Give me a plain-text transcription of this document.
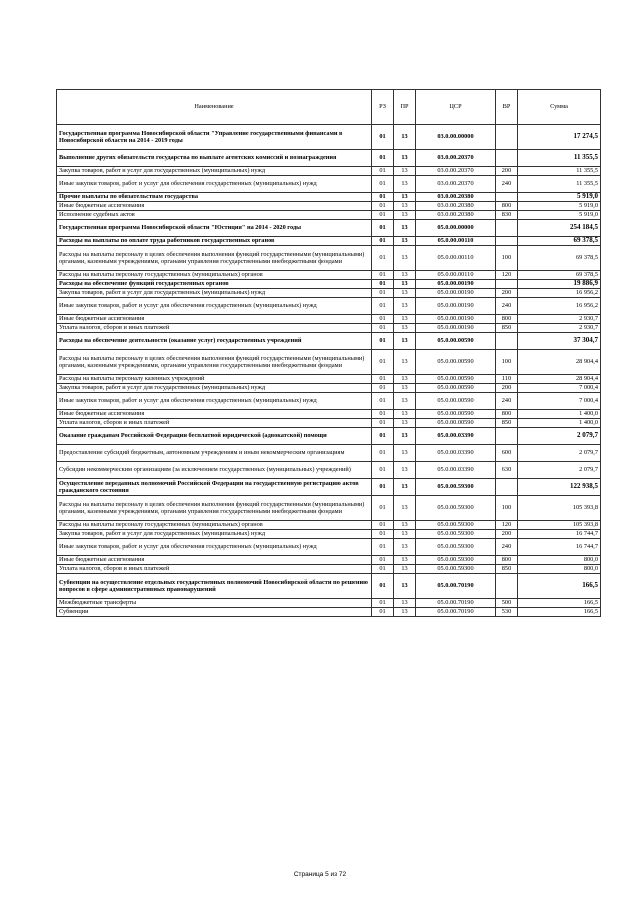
Наименование	РЗ	ПР	ЦСР	ВР	Сумма
Государственная программа Новосибирской области "Управление государственными финансами в Новосибирской области на 2014 - 2019 годы	01	13	03.0.00.00000		17 274,5
Выполнение других обязательств государства по выплате агентских комиссий и вознаграждения	01	13	03.0.00.20370		11 355,5
Закупка товаров, работ и услуг для государственных (муниципальных) нужд	01	13	03.0.00.20370	200	11 355,5
Иные закупки товаров, работ и услуг для обеспечения государственных (муниципальных) нужд	01	13	03.0.00.20370	240	11 355,5
Прочие выплаты по обязательствам государства	01	13	03.0.00.20380		5 919,0
Иные бюджетные ассигнования	01	13	03.0.00.20380	800	5 919,0
Исполнение судебных актов	01	13	03.0.00.20380	830	5 919,0
Государственная программа Новосибирской области "Юстиция" на 2014 - 2020 годы	01	13	05.0.00.00000		254 184,5
Расходы на выплаты по оплате труда работников государственных органов	01	13	05.0.00.00110		69 378,5
Расходы на выплаты персоналу в целях обеспечения выполнения функций государственными (муниципальными) органами, казенными учреждениями, органами управления государственными внебюджетными фондами	01	13	05.0.00.00110	100	69 378,5
Расходы на выплаты персоналу государственных (муниципальных) органов	01	13	05.0.00.00110	120	69 378,5
Расходы на обеспечение функций государственных органов	01	13	05.0.00.00190		19 886,9
Закупка товаров, работ и услуг для государственных (муниципальных) нужд	01	13	05.0.00.00190	200	16 956,2
Иные закупки товаров, работ и услуг для обеспечения государственных (муниципальных) нужд	01	13	05.0.00.00190	240	16 956,2
Иные бюджетные ассигнования	01	13	05.0.00.00190	800	2 930,7
Уплата налогов, сборов и иных платежей	01	13	05.0.00.00190	850	2 930,7
Расходы на обеспечение деятельности (оказание услуг) государственных учреждений	01	13	05.0.00.00590		37 304,7
Расходы на выплаты персоналу в целях обеспечения выполнения функций государственными (муниципальными) органами, казенными учреждениями, органами управления государственными внебюджетными фондами	01	13	05.0.00.00590	100	28 904,4
Расходы на выплаты персоналу казенных учреждений	01	13	05.0.00.00590	110	28 904,4
Закупка товаров, работ и услуг для государственных (муниципальных) нужд	01	13	05.0.00.00590	200	7 000,4
Иные закупки товаров, работ и услуг для обеспечения государственных (муниципальных) нужд	01	13	05.0.00.00590	240	7 000,4
Иные бюджетные ассигнования	01	13	05.0.00.00590	800	1 400,0
Уплата налогов, сборов и иных платежей	01	13	05.0.00.00590	850	1 400,0
Оказание гражданам Российской Федерации бесплатной юридической (адвокатской) помощи	01	13	05.0.00.03390		2 079,7
Предоставление субсидий бюджетным, автономным учреждениям и иным некоммерческим организациям	01	13	05.0.00.03390	600	2 079,7
Субсидии некоммерческим организациям (за исключением государственных (муниципальных) учреждений)	01	13	05.0.00.03390	630	2 079,7
Осуществление переданных полномочий Российской Федерации на государственную регистрацию актов гражданского состояния	01	13	05.0.00.59300		122 938,5
Расходы на выплаты персоналу в целях обеспечения выполнения функций государственными (муниципальными) органами, казенными учреждениями, органами управления государственными внебюджетными фондами	01	13	05.0.00.59300	100	105 393,8
Расходы на выплаты персоналу государственных (муниципальных) органов	01	13	05.0.00.59300	120	105 393,8
Закупка товаров, работ и услуг для государственных (муниципальных) нужд	01	13	05.0.00.59300	200	16 744,7
Иные закупки товаров, работ и услуг для обеспечения государственных (муниципальных) нужд	01	13	05.0.00.59300	240	16 744,7
Иные бюджетные ассигнования	01	13	05.0.00.59300	800	800,0
Уплата налогов, сборов и иных платежей	01	13	05.0.00.59300	850	800,0
Субвенции на осуществление отдельных государственных полномочий Новосибирской области по решению вопросов в сфере административных правонарушений	01	13	05.0.00.70190		166,5
Межбюджетные трансферты	01	13	05.0.00.70190	500	166,5
Субвенции	01	13	05.0.00.70190	530	166,5
Страница 5 из 72
